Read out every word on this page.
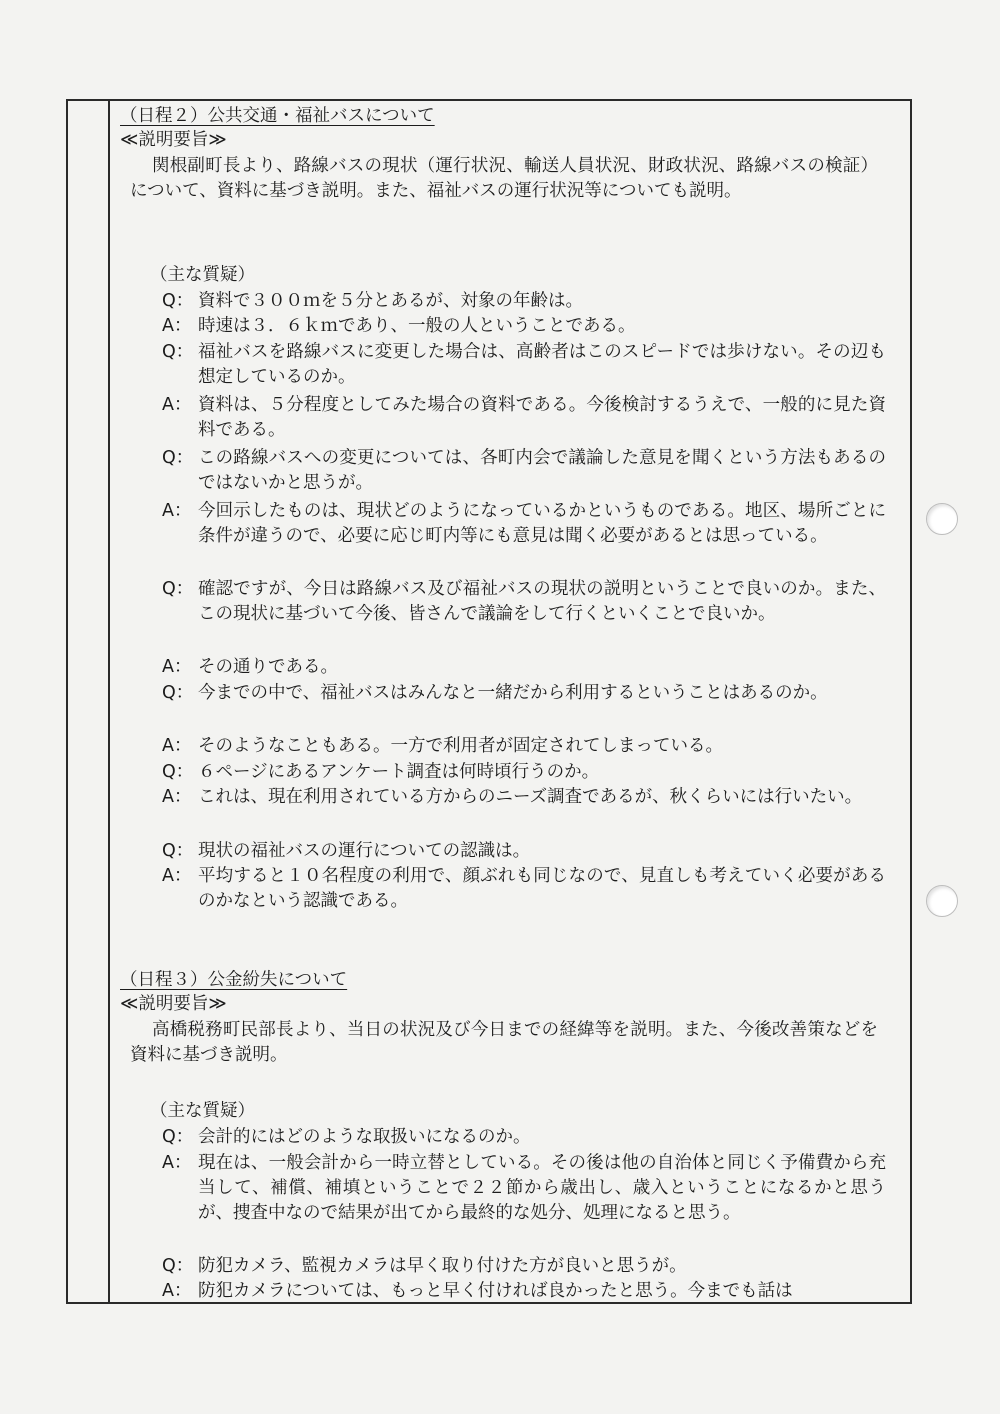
（日程２）公共交通・福祉バスについて
≪説明要旨≫
関根副町長より、路線バスの現状（運行状況、輸送人員状況、財政状況、路線バスの検証）について、資料に基づき説明。また、福祉バスの運行状況等についても説明。
（主な質疑）
Q： 資料で３００ｍを５分とあるが、対象の年齢は。
A： 時速は３．６ｋｍであり、一般の人ということである。
Q： 福祉バスを路線バスに変更した場合は、高齢者はこのスピードでは歩けない。その辺も想定しているのか。
A： 資料は、５分程度としてみた場合の資料である。今後検討するうえで、一般的に見た資料である。
Q： この路線バスへの変更については、各町内会で議論した意見を聞くという方法もあるのではないかと思うが。
A： 今回示したものは、現状どのようになっているかというものである。地区、場所ごとに条件が違うので、必要に応じ町内等にも意見は聞く必要があるとは思っている。
Q： 確認ですが、今日は路線バス及び福祉バスの現状の説明ということで良いのか。また、この現状に基づいて今後、皆さんで議論をして行くといくことで良いか。
A： その通りである。
Q： 今までの中で、福祉バスはみんなと一緒だから利用するということはあるのか。
A： そのようなこともある。一方で利用者が固定されてしまっている。
Q： ６ページにあるアンケート調査は何時頃行うのか。
A： これは、現在利用されている方からのニーズ調査であるが、秋くらいには行いたい。
Q： 現状の福祉バスの運行についての認識は。
A： 平均すると１０名程度の利用で、顔ぶれも同じなので、見直しも考えていく必要があるのかなという認識である。
（日程３）公金紛失について
≪説明要旨≫
高橋税務町民部長より、当日の状況及び今日までの経緯等を説明。また、今後改善策などを資料に基づき説明。
（主な質疑）
Q： 会計的にはどのような取扱いになるのか。
A： 現在は、一般会計から一時立替としている。その後は他の自治体と同じく予備費から充当して、補償、補填ということで２２節から歳出し、歳入ということになるかと思うが、捜査中なので結果が出てから最終的な処分、処理になると思う。
Q： 防犯カメラ、監視カメラは早く取り付けた方が良いと思うが。
A： 防犯カメラについては、もっと早く付ければ良かったと思う。今までも話は
